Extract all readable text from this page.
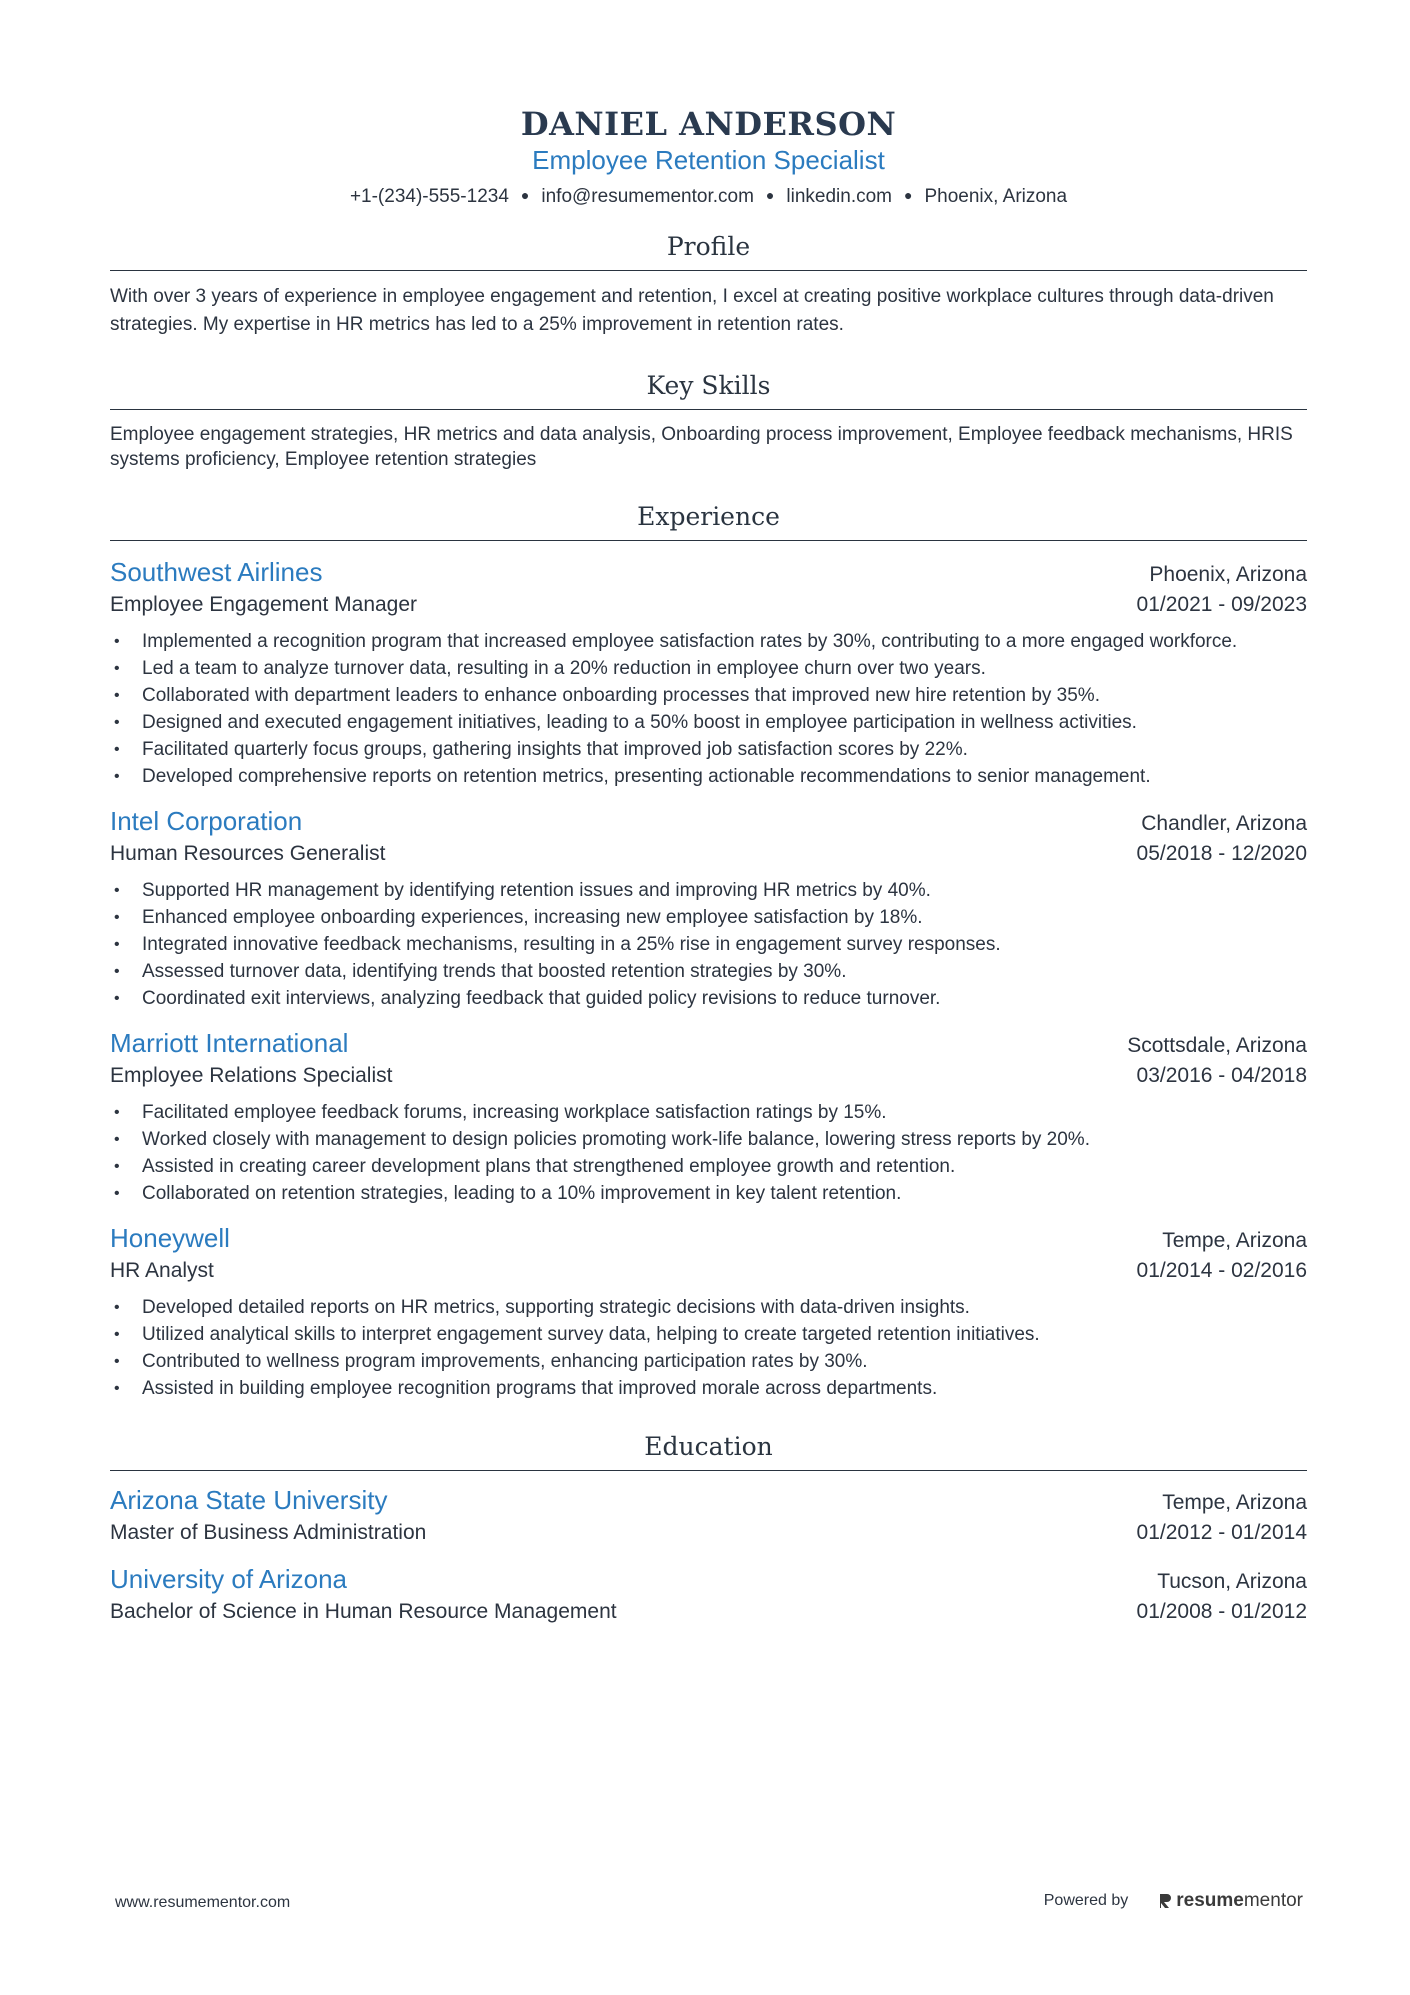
DANIEL ANDERSON
Employee Retention Specialist
+1-(234)-555-1234 ● info@resumementor.com ● linkedin.com ● Phoenix, Arizona
Profile
With over 3 years of experience in employee engagement and retention, I excel at creating positive workplace cultures through data-driven strategies. My expertise in HR metrics has led to a 25% improvement in retention rates.
Key Skills
Employee engagement strategies, HR metrics and data analysis, Onboarding process improvement, Employee feedback mechanisms, HRIS systems proficiency, Employee retention strategies
Experience
Southwest Airlines	Phoenix, Arizona
Employee Engagement Manager	01/2021 - 09/2023
• Implemented a recognition program that increased employee satisfaction rates by 30%, contributing to a more engaged workforce.
• Led a team to analyze turnover data, resulting in a 20% reduction in employee churn over two years.
• Collaborated with department leaders to enhance onboarding processes that improved new hire retention by 35%.
• Designed and executed engagement initiatives, leading to a 50% boost in employee participation in wellness activities.
• Facilitated quarterly focus groups, gathering insights that improved job satisfaction scores by 22%.
• Developed comprehensive reports on retention metrics, presenting actionable recommendations to senior management.
Intel Corporation	Chandler, Arizona
Human Resources Generalist	05/2018 - 12/2020
• Supported HR management by identifying retention issues and improving HR metrics by 40%.
• Enhanced employee onboarding experiences, increasing new employee satisfaction by 18%.
• Integrated innovative feedback mechanisms, resulting in a 25% rise in engagement survey responses.
• Assessed turnover data, identifying trends that boosted retention strategies by 30%.
• Coordinated exit interviews, analyzing feedback that guided policy revisions to reduce turnover.
Marriott International	Scottsdale, Arizona
Employee Relations Specialist	03/2016 - 04/2018
• Facilitated employee feedback forums, increasing workplace satisfaction ratings by 15%.
• Worked closely with management to design policies promoting work-life balance, lowering stress reports by 20%.
• Assisted in creating career development plans that strengthened employee growth and retention.
• Collaborated on retention strategies, leading to a 10% improvement in key talent retention.
Honeywell	Tempe, Arizona
HR Analyst	01/2014 - 02/2016
• Developed detailed reports on HR metrics, supporting strategic decisions with data-driven insights.
• Utilized analytical skills to interpret engagement survey data, helping to create targeted retention initiatives.
• Contributed to wellness program improvements, enhancing participation rates by 30%.
• Assisted in building employee recognition programs that improved morale across departments.
Education
Arizona State University	Tempe, Arizona
Master of Business Administration	01/2012 - 01/2014
University of Arizona	Tucson, Arizona
Bachelor of Science in Human Resource Management	01/2008 - 01/2012
www.resumementor.com	Powered by	resume mentor
